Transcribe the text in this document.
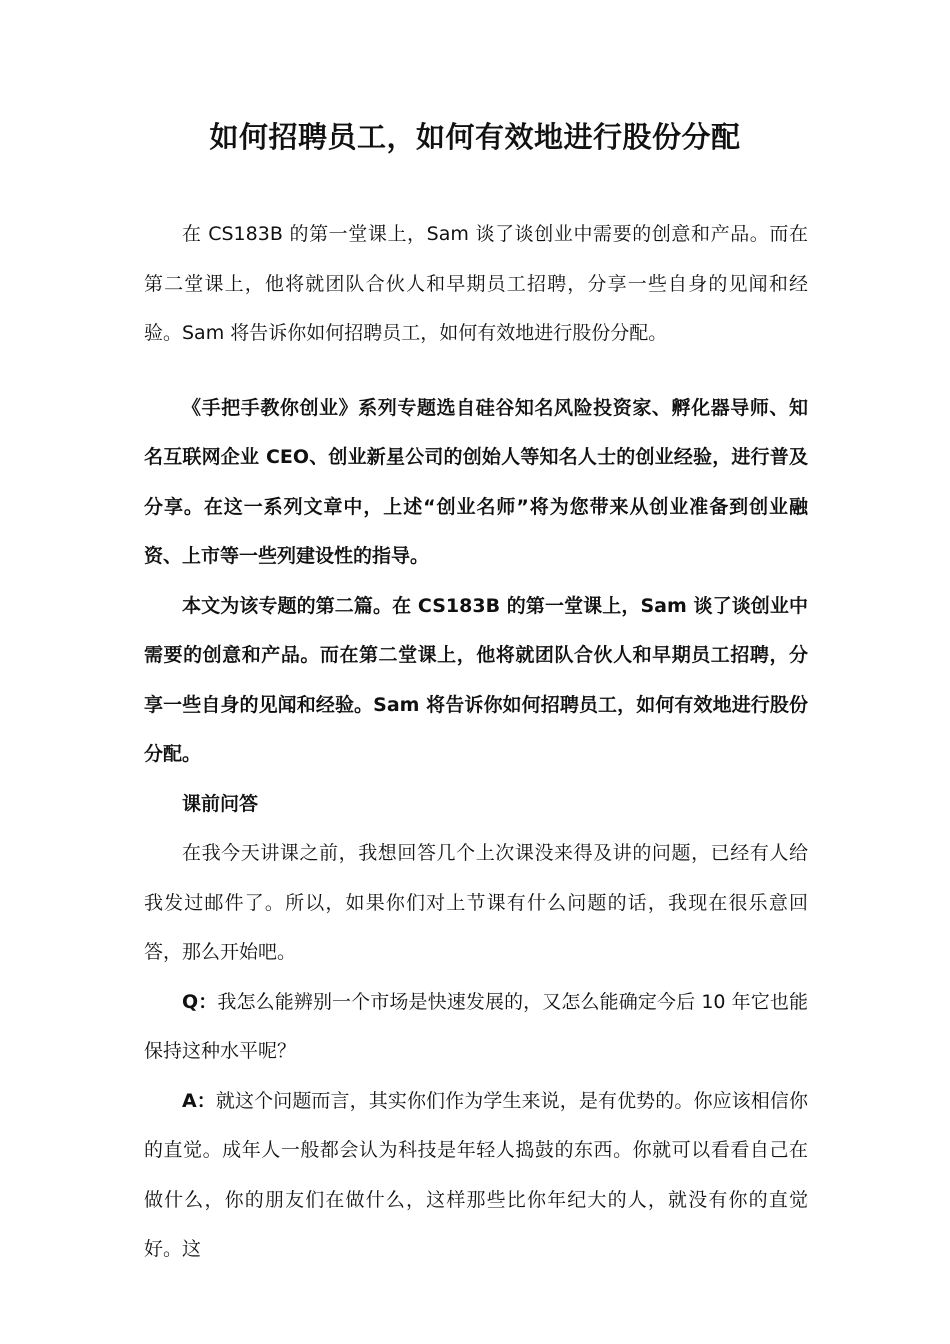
如何招聘员工，如何有效地进行股份分配

在 CS183B 的第一堂课上，Sam 谈了谈创业中需要的创意和产品。而在第二堂课上，他将就团队合伙人和早期员工招聘，分享一些自身的见闻和经验。Sam 将告诉你如何招聘员工，如何有效地进行股份分配。

《手把手教你创业》系列专题选自硅谷知名风险投资家、孵化器导师、知名互联网企业 CEO、创业新星公司的创始人等知名人士的创业经验，进行普及分享。在这一系列文章中，上述“创业名师”将为您带来从创业准备到创业融资、上市等一些列建设性的指导。

本文为该专题的第二篇。在 CS183B 的第一堂课上，Sam 谈了谈创业中需要的创意和产品。而在第二堂课上，他将就团队合伙人和早期员工招聘，分享一些自身的见闻和经验。Sam 将告诉你如何招聘员工，如何有效地进行股份分配。

课前问答

在我今天讲课之前，我想回答几个上次课没来得及讲的问题，已经有人给我发过邮件了。所以，如果你们对上节课有什么问题的话，我现在很乐意回答，那么开始吧。

Q：我怎么能辨别一个市场是快速发展的，又怎么能确定今后 10 年它也能保持这种水平呢？

A：就这个问题而言，其实你们作为学生来说，是有优势的。你应该相信你的直觉。成年人一般都会认为科技是年轻人捣鼓的东西。你就可以看看自己在做什么，你的朋友们在做什么，这样那些比你年纪大的人，就没有你的直觉好。这
